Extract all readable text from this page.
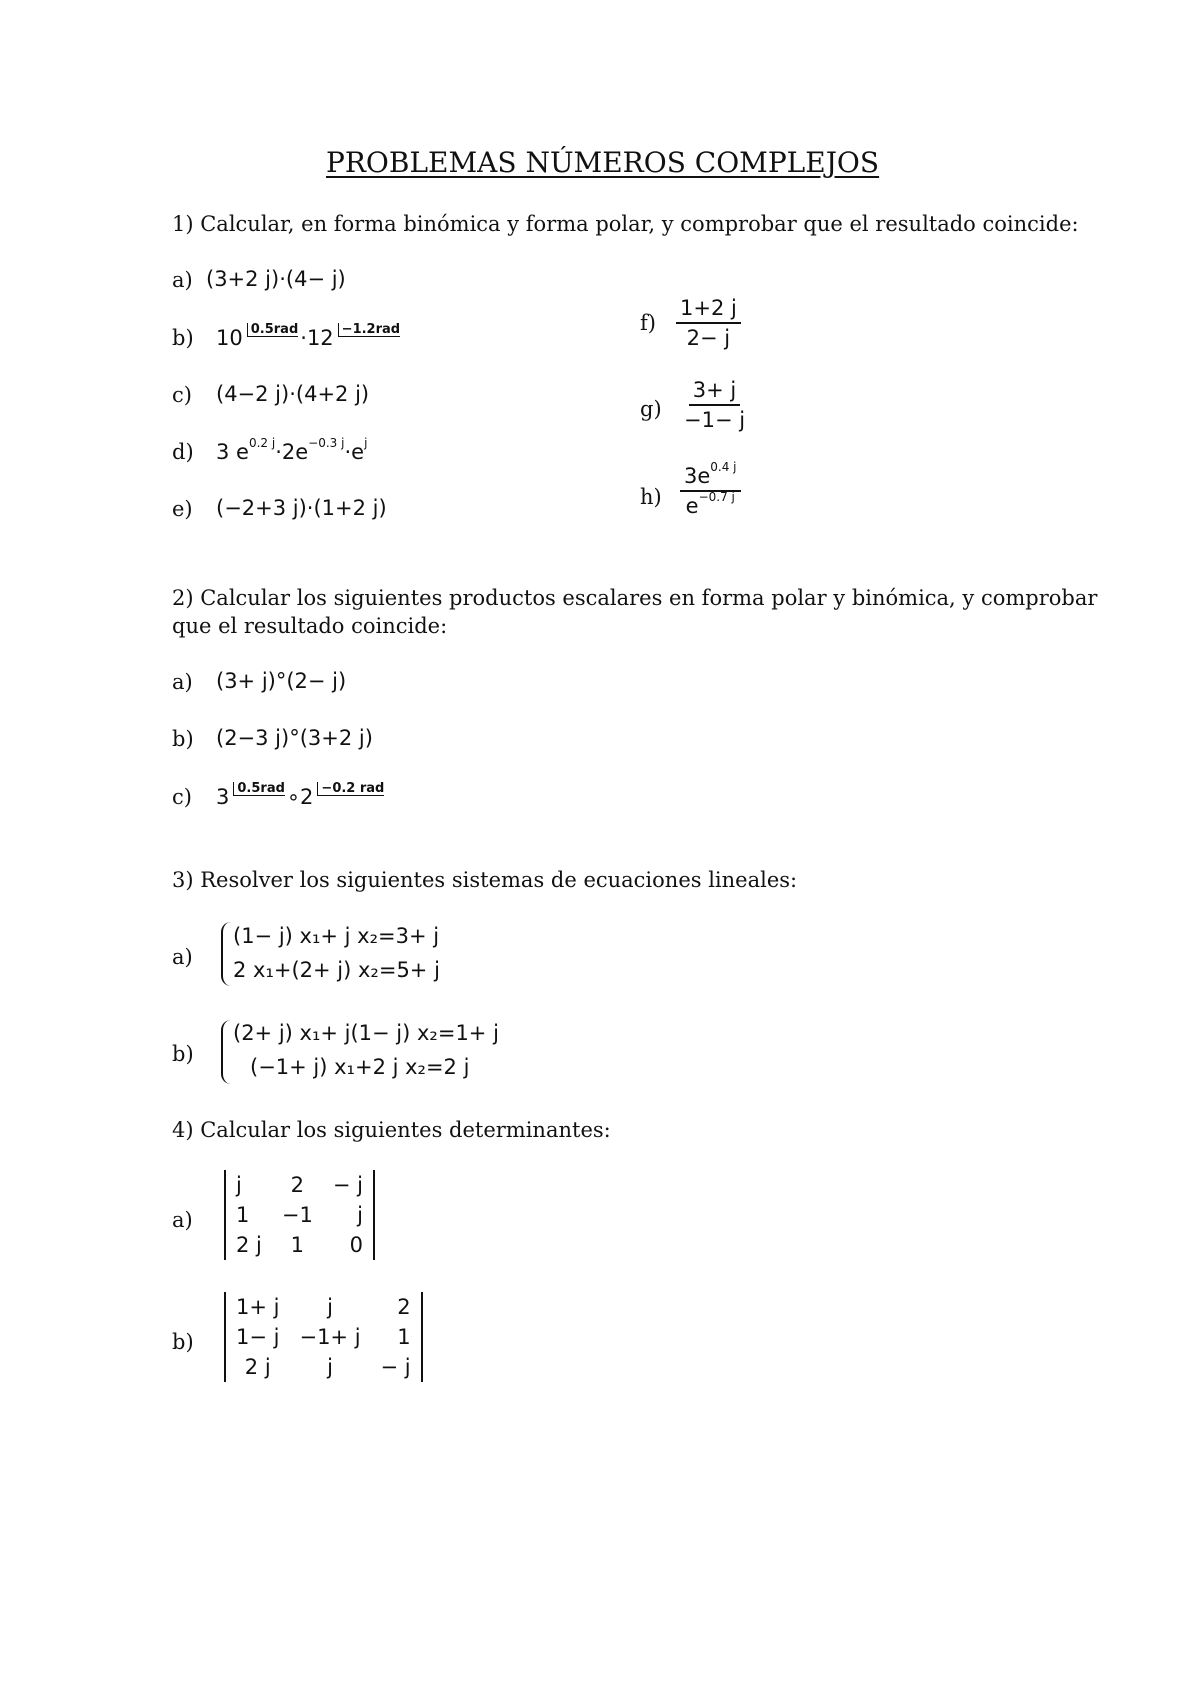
PROBLEMAS NÚMEROS COMPLEJOS
1) Calcular, en forma binómica y forma polar, y comprobar que el resultado coincide:
a) (3+2 j)·(4− j)
b) 10 0.5rad·12 −1.2rad
c) (4−2 j)·(4+2 j)
d) 3 $e^{0.2 j}\cdot 2e^{-0.3 j}\cdot e^j$
e) (−2+3 j)·(1+2 j)
$f) \frac{1+2 j}{2- j}$
$g) \frac{3+ j}{-1- j}$
$h) \frac{3e^{0.4 j}}{e^{-0.7 j}}$
2) Calcular los siguientes productos escalares en forma polar y binómica, y comprobar
que el resultado coincide:
a) (3+ j)°(2− j)
b) (2−3 j)°(3+2 j)
c) 3 0.5rad∘2 −0.2 rad
3) Resolver los siguientes sistemas de ecuaciones lineales:
a)
(1− j) x₁+ j x₂=3+ j
2 x₁+(2+ j) x₂=5+ j
b)
(2+ j) x₁+ j(1− j) x₂=1+ j
(−1+ j) x₁+2 j x₂=2 j
4) Calcular los siguientes determinantes:
a)
j	2	− j
1	−1	j
2 j	1	0
b)
1+ j	j	2
1− j	−1+ j	1
2 j	j	− j
